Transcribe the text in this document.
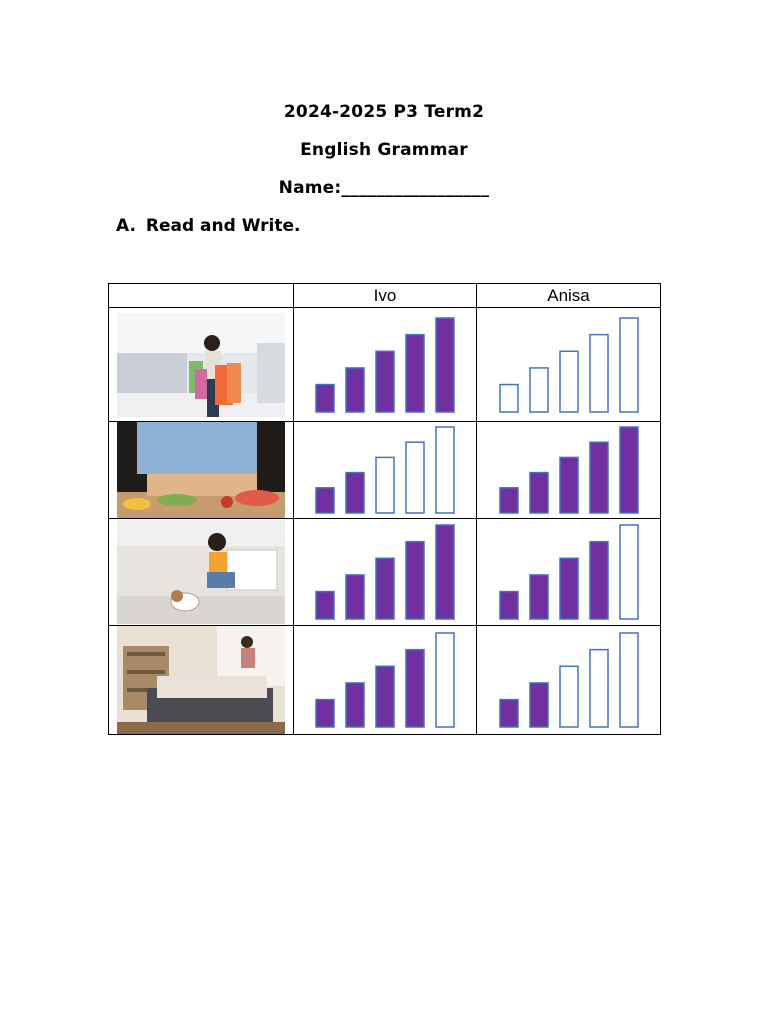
2024-2025 P3 Term2
English Grammar
Name:_________________
A. Read and Write.
	Ivo	Anisa
